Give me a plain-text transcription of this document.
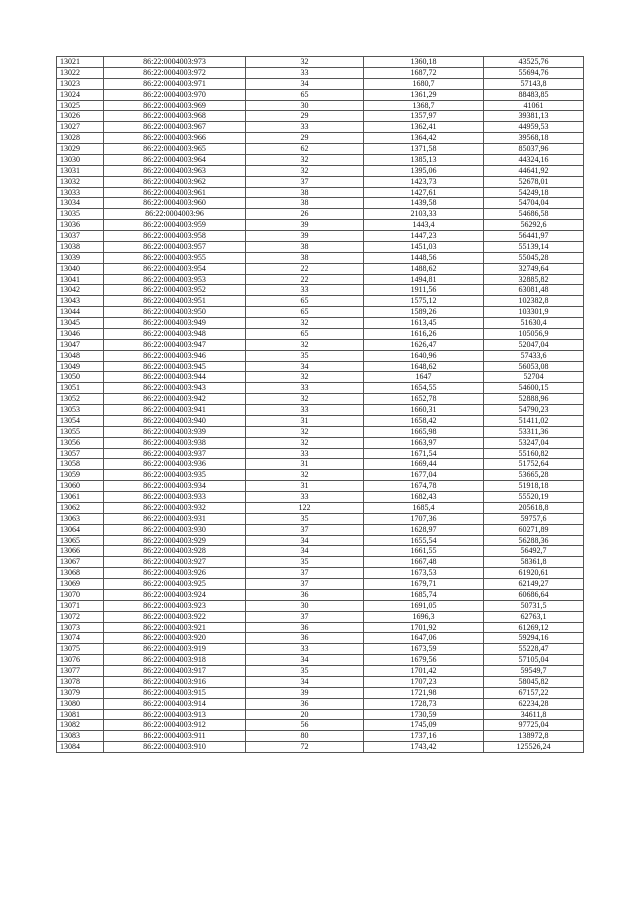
13021	86:22:0004003:973	32	1360,18	43525,76
13022	86:22:0004003:972	33	1687,72	55694,76
13023	86:22:0004003:971	34	1680,7	57143,8
13024	86:22:0004003:970	65	1361,29	88483,85
13025	86:22:0004003:969	30	1368,7	41061
13026	86:22:0004003:968	29	1357,97	39381,13
13027	86:22:0004003:967	33	1362,41	44959,53
13028	86:22:0004003:966	29	1364,42	39568,18
13029	86:22:0004003:965	62	1371,58	85037,96
13030	86:22:0004003:964	32	1385,13	44324,16
13031	86:22:0004003:963	32	1395,06	44641,92
13032	86:22:0004003:962	37	1423,73	52678,01
13033	86:22:0004003:961	38	1427,61	54249,18
13034	86:22:0004003:960	38	1439,58	54704,04
13035	86:22:0004003:96	26	2103,33	54686,58
13036	86:22:0004003:959	39	1443,4	56292,6
13037	86:22:0004003:958	39	1447,23	56441,97
13038	86:22:0004003:957	38	1451,03	55139,14
13039	86:22:0004003:955	38	1448,56	55045,28
13040	86:22:0004003:954	22	1488,62	32749,64
13041	86:22:0004003:953	22	1494,81	32885,82
13042	86:22:0004003:952	33	1911,56	63081,48
13043	86:22:0004003:951	65	1575,12	102382,8
13044	86:22:0004003:950	65	1589,26	103301,9
13045	86:22:0004003:949	32	1613,45	51630,4
13046	86:22:0004003:948	65	1616,26	105056,9
13047	86:22:0004003:947	32	1626,47	52047,04
13048	86:22:0004003:946	35	1640,96	57433,6
13049	86:22:0004003:945	34	1648,62	56053,08
13050	86:22:0004003:944	32	1647	52704
13051	86:22:0004003:943	33	1654,55	54600,15
13052	86:22:0004003:942	32	1652,78	52888,96
13053	86:22:0004003:941	33	1660,31	54790,23
13054	86:22:0004003:940	31	1658,42	51411,02
13055	86:22:0004003:939	32	1665,98	53311,36
13056	86:22:0004003:938	32	1663,97	53247,04
13057	86:22:0004003:937	33	1671,54	55160,82
13058	86:22:0004003:936	31	1669,44	51752,64
13059	86:22:0004003:935	32	1677,04	53665,28
13060	86:22:0004003:934	31	1674,78	51918,18
13061	86:22:0004003:933	33	1682,43	55520,19
13062	86:22:0004003:932	122	1685,4	205618,8
13063	86:22:0004003:931	35	1707,36	59757,6
13064	86:22:0004003:930	37	1628,97	60271,89
13065	86:22:0004003:929	34	1655,54	56288,36
13066	86:22:0004003:928	34	1661,55	56492,7
13067	86:22:0004003:927	35	1667,48	58361,8
13068	86:22:0004003:926	37	1673,53	61920,61
13069	86:22:0004003:925	37	1679,71	62149,27
13070	86:22:0004003:924	36	1685,74	60686,64
13071	86:22:0004003:923	30	1691,05	50731,5
13072	86:22:0004003:922	37	1696,3	62763,1
13073	86:22:0004003:921	36	1701,92	61269,12
13074	86:22:0004003:920	36	1647,06	59294,16
13075	86:22:0004003:919	33	1673,59	55228,47
13076	86:22:0004003:918	34	1679,56	57105,04
13077	86:22:0004003:917	35	1701,42	59549,7
13078	86:22:0004003:916	34	1707,23	58045,82
13079	86:22:0004003:915	39	1721,98	67157,22
13080	86:22:0004003:914	36	1728,73	62234,28
13081	86:22:0004003:913	20	1730,59	34611,8
13082	86:22:0004003:912	56	1745,09	97725,04
13083	86:22:0004003:911	80	1737,16	138972,8
13084	86:22:0004003:910	72	1743,42	125526,24
